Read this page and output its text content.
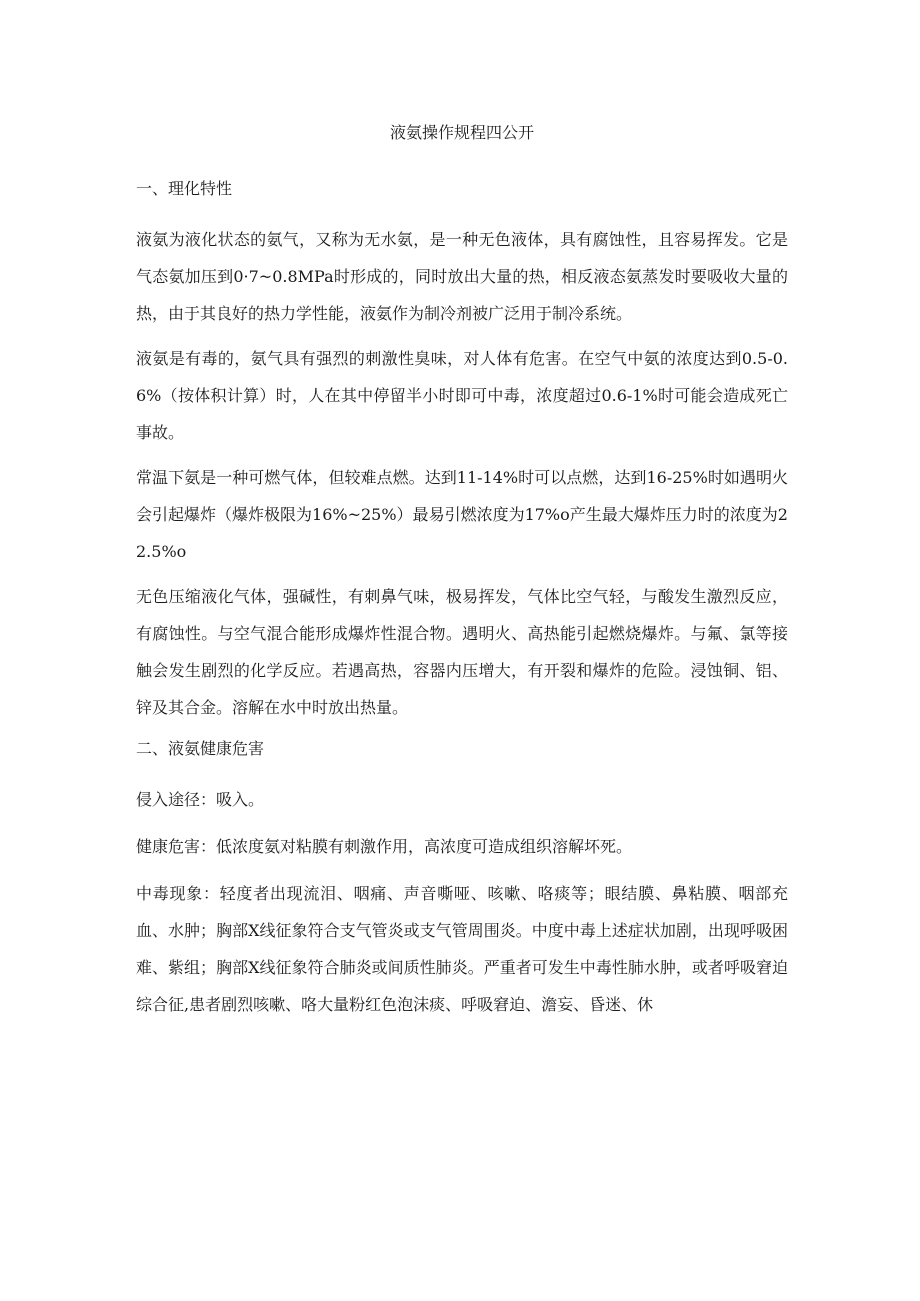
液氨操作规程四公开
一、理化特性

液氨为液化状态的氨气，又称为无水氨，是一种无色液体，具有腐蚀性，且容易挥发。它是气态氨加压到0·7~0.8MPa时形成的，同时放出大量的热，相反液态氨蒸发时要吸收大量的热，由于其良好的热力学性能，液氨作为制冷剂被广泛用于制冷系统。

液氨是有毒的，氨气具有强烈的刺激性臭味，对人体有危害。在空气中氨的浓度达到0.5-0.6%（按体积计算）时，人在其中停留半小时即可中毒，浓度超过0.6-1%时可能会造成死亡事故。

常温下氨是一种可燃气体，但较难点燃。达到11-14%时可以点燃，达到16-25%时如遇明火会引起爆炸（爆炸极限为16%~25%）最易引燃浓度为17%o产生最大爆炸压力时的浓度为22.5%o

无色压缩液化气体，强碱性，有刺鼻气味，极易挥发，气体比空气轻，与酸发生激烈反应，有腐蚀性。与空气混合能形成爆炸性混合物。遇明火、高热能引起燃烧爆炸。与氟、氯等接触会发生剧烈的化学反应。若遇高热，容器内压增大，有开裂和爆炸的危险。浸蚀铜、铝、锌及其合金。溶解在水中时放出热量。

二、液氨健康危害

侵入途径：吸入。

健康危害：低浓度氨对粘膜有刺激作用，高浓度可造成组织溶解坏死。

中毒现象：轻度者出现流泪、咽痛、声音嘶哑、咳嗽、咯痰等；眼结膜、鼻粘膜、咽部充血、水肿；胸部X线征象符合支气管炎或支气管周围炎。中度中毒上述症状加剧，出现呼吸困难、紫组；胸部X线征象符合肺炎或间质性肺炎。严重者可发生中毒性肺水肿，或者呼吸窘迫综合征,患者剧烈咳嗽、咯大量粉红色泡沫痰、呼吸窘迫、澹妄、昏迷、休
